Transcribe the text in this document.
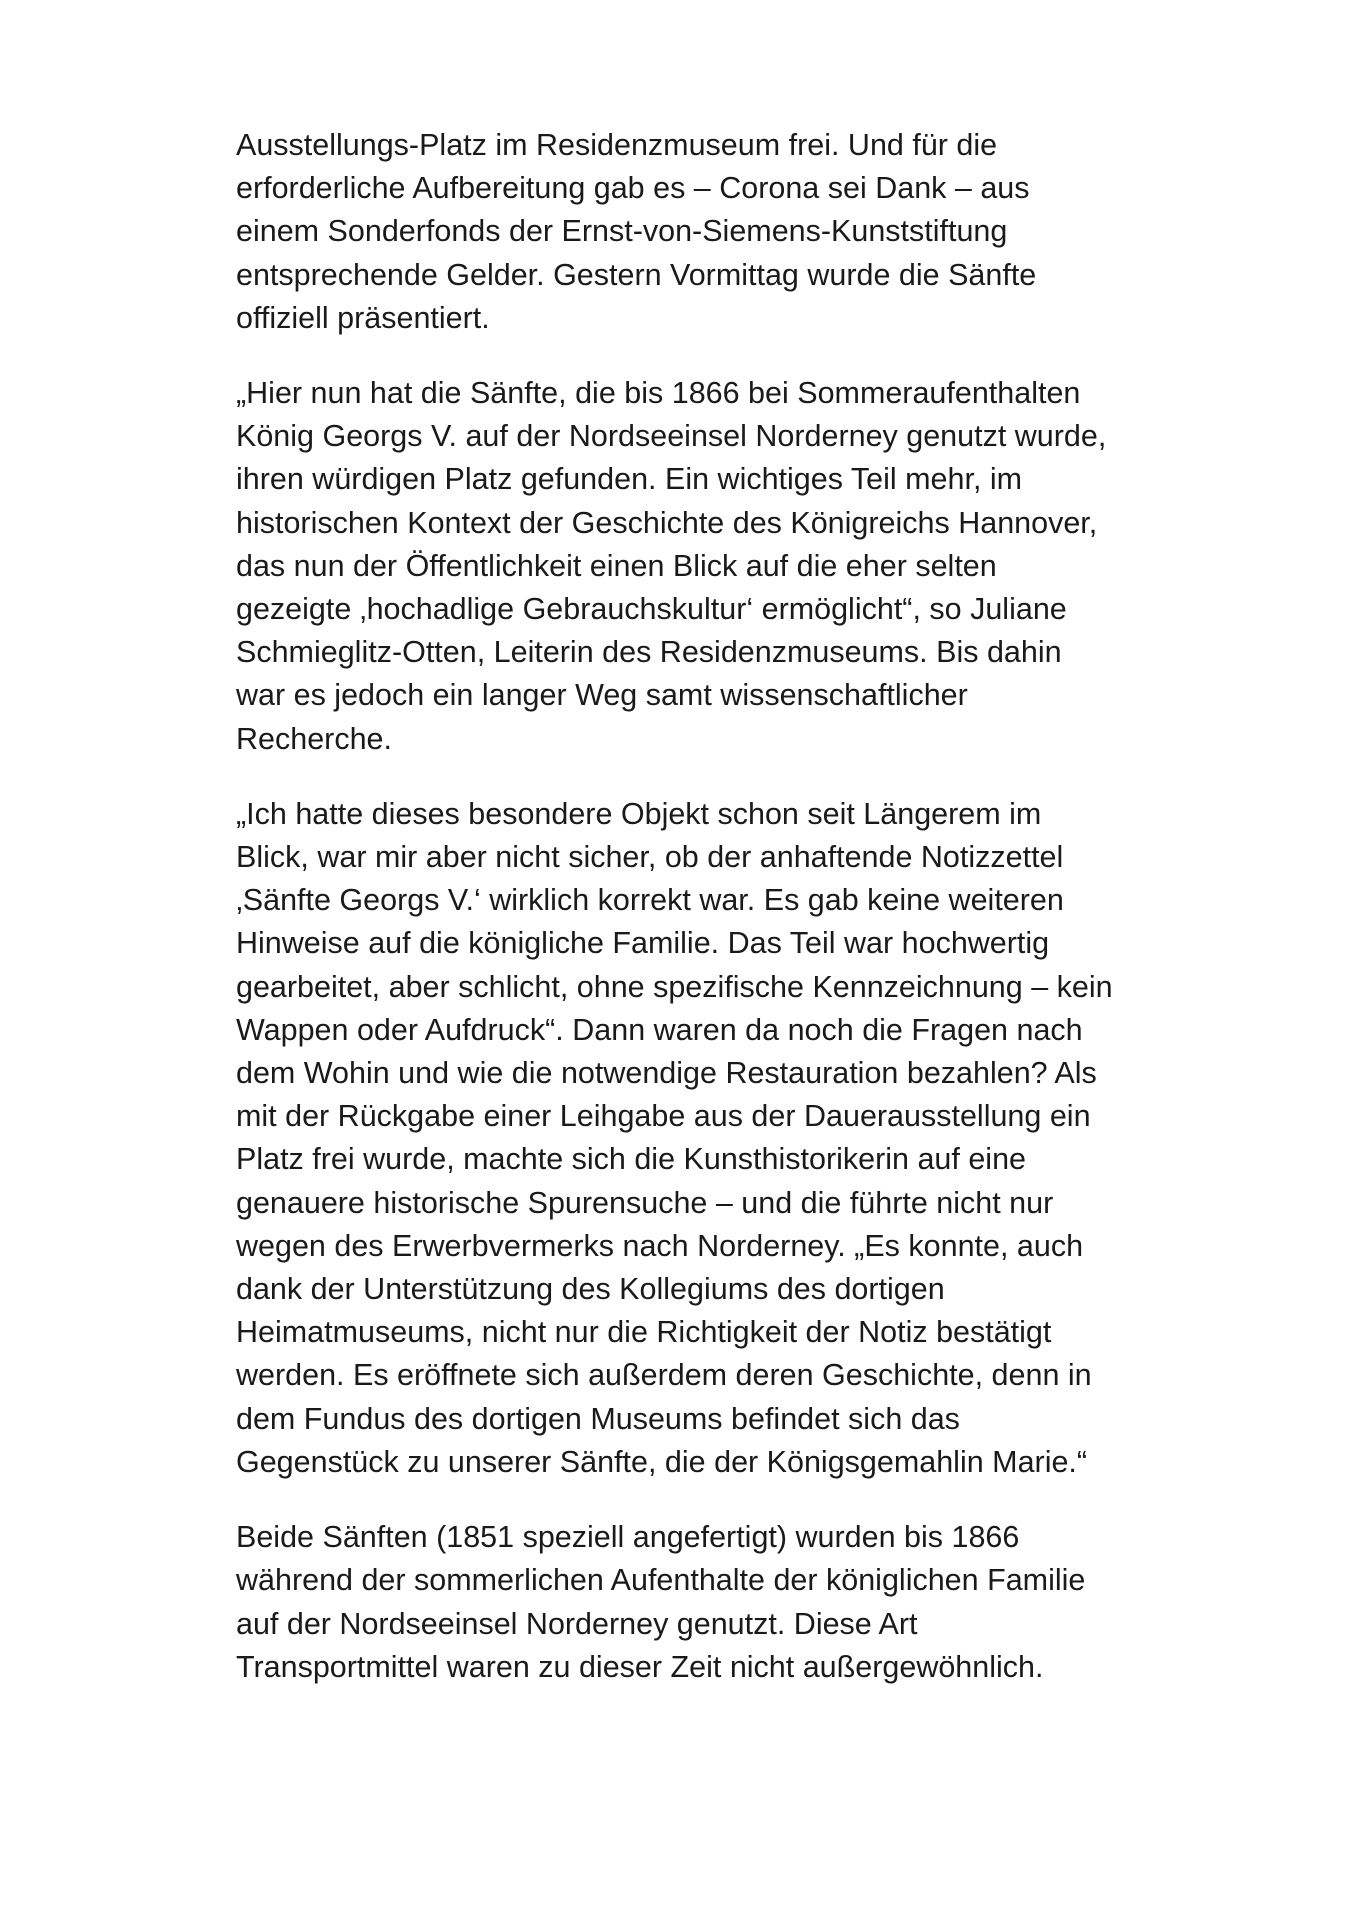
Ausstellungs-Platz im Residenzmuseum frei. Und für die
erforderliche Aufbereitung gab es – Corona sei Dank – aus
einem Sonderfonds der Ernst-von-Siemens-Kunststiftung
entsprechende Gelder. Gestern Vormittag wurde die Sänfte
offiziell präsentiert.

„Hier nun hat die Sänfte, die bis 1866 bei Sommeraufenthalten
König Georgs V. auf der Nordseeinsel Norderney genutzt wurde,
ihren würdigen Platz gefunden. Ein wichtiges Teil mehr, im
historischen Kontext der Geschichte des Königreichs Hannover,
das nun der Öffentlichkeit einen Blick auf die eher selten
gezeigte ‚hochadlige Gebrauchskultur‘ ermöglicht“, so Juliane
Schmieglitz-Otten, Leiterin des Residenzmuseums. Bis dahin
war es jedoch ein langer Weg samt wissenschaftlicher
Recherche.

„Ich hatte dieses besondere Objekt schon seit Längerem im
Blick, war mir aber nicht sicher, ob der anhaftende Notizzettel
‚Sänfte Georgs V.‘ wirklich korrekt war. Es gab keine weiteren
Hinweise auf die königliche Familie. Das Teil war hochwertig
gearbeitet, aber schlicht, ohne spezifische Kennzeichnung – kein
Wappen oder Aufdruck“. Dann waren da noch die Fragen nach
dem Wohin und wie die notwendige Restauration bezahlen? Als
mit der Rückgabe einer Leihgabe aus der Dauerausstellung ein
Platz frei wurde, machte sich die Kunsthistorikerin auf eine
genauere historische Spurensuche – und die führte nicht nur
wegen des Erwerbvermerks nach Norderney. „Es konnte, auch
dank der Unterstützung des Kollegiums des dortigen
Heimatmuseums, nicht nur die Richtigkeit der Notiz bestätigt
werden. Es eröffnete sich außerdem deren Geschichte, denn in
dem Fundus des dortigen Museums befindet sich das
Gegenstück zu unserer Sänfte, die der Königsgemahlin Marie.“

Beide Sänften (1851 speziell angefertigt) wurden bis 1866
während der sommerlichen Aufenthalte der königlichen Familie
auf der Nordseeinsel Norderney genutzt. Diese Art
Transportmittel waren zu dieser Zeit nicht außergewöhnlich.
